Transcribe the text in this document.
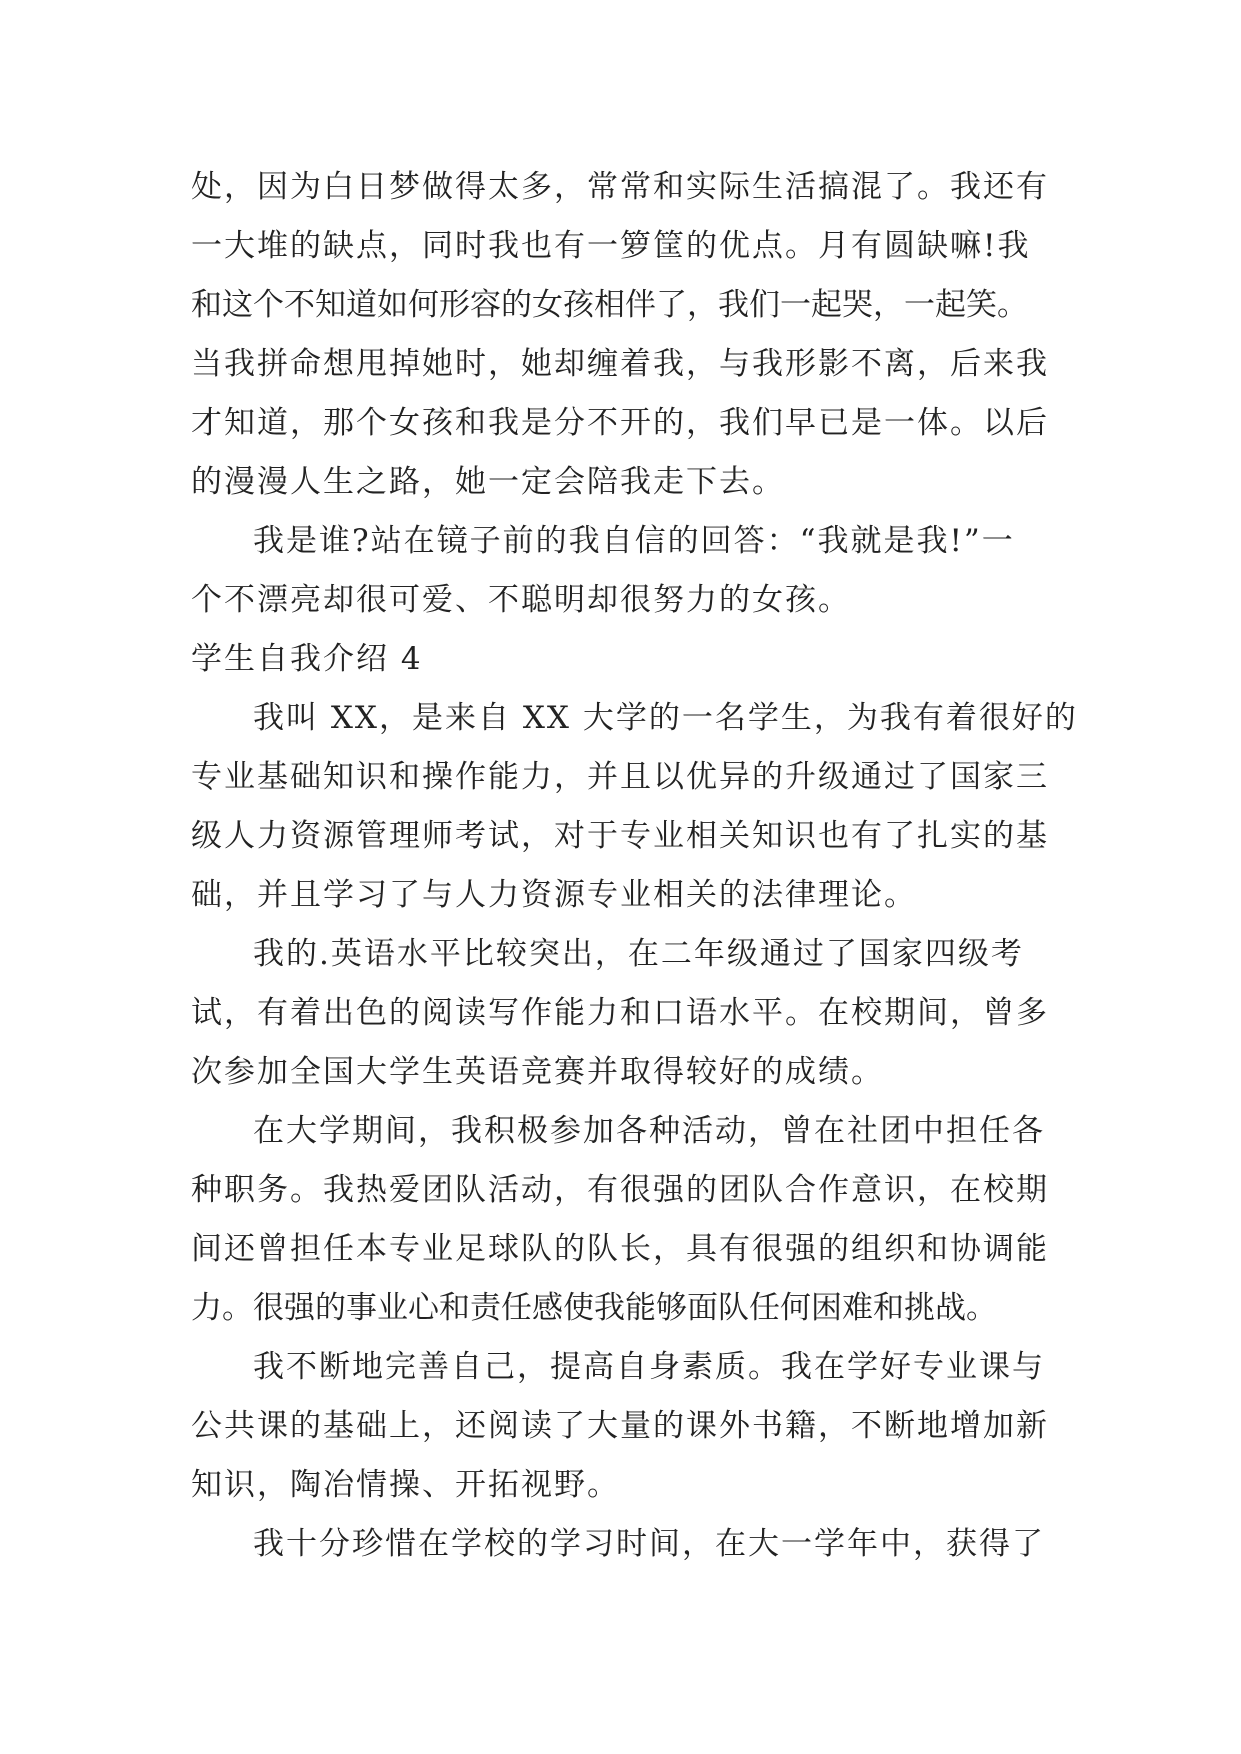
处，因为白日梦做得太多，常常和实际生活搞混了。我还有

一大堆的缺点，同时我也有一箩筐的优点。月有圆缺嘛!我

和这个不知道如何形容的女孩相伴了，我们一起哭，一起笑。

当我拼命想甩掉她时，她却缠着我，与我形影不离，后来我

才知道，那个女孩和我是分不开的，我们早已是一体。以后

的漫漫人生之路，她一定会陪我走下去。

我是谁?站在镜子前的我自信的回答：“我就是我!”一

个不漂亮却很可爱、不聪明却很努力的女孩。

学生自我介绍 4

我叫 XX，是来自 XX 大学的一名学生，为我有着很好的

专业基础知识和操作能力，并且以优异的升级通过了国家三

级人力资源管理师考试，对于专业相关知识也有了扎实的基

础，并且学习了与人力资源专业相关的法律理论。

我的.英语水平比较突出，在二年级通过了国家四级考

试，有着出色的阅读写作能力和口语水平。在校期间，曾多

次参加全国大学生英语竞赛并取得较好的成绩。

在大学期间，我积极参加各种活动，曾在社团中担任各

种职务。我热爱团队活动，有很强的团队合作意识，在校期

间还曾担任本专业足球队的队长，具有很强的组织和协调能

力。很强的事业心和责任感使我能够面队任何困难和挑战。

我不断地完善自己，提高自身素质。我在学好专业课与

公共课的基础上，还阅读了大量的课外书籍，不断地增加新

知识，陶冶情操、开拓视野。

我十分珍惜在学校的学习时间，在大一学年中，获得了
